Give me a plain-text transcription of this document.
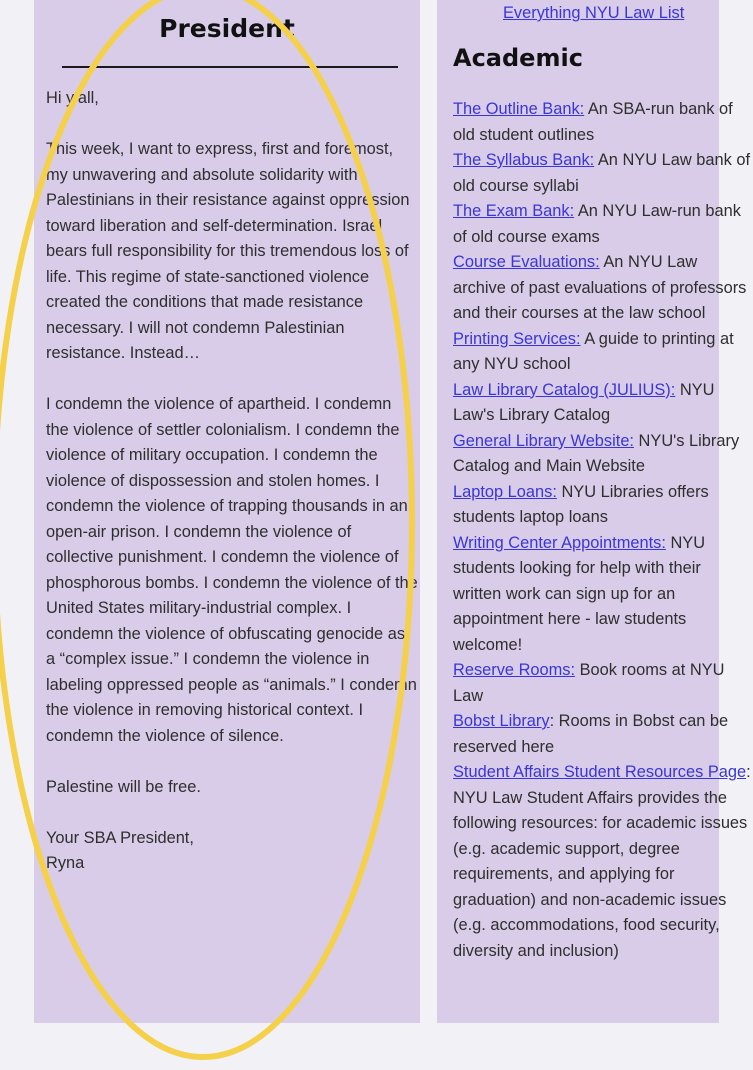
President

Hi y’all,

This week, I want to express, first and foremost, my unwavering and absolute solidarity with Palestinians in their resistance against oppression toward liberation and self-determination. Israel bears full responsibility for this tremendous loss of life. This regime of state-sanctioned violence created the conditions that made resistance necessary. I will not condemn Palestinian resistance. Instead…

I condemn the violence of apartheid. I condemn the violence of settler colonialism. I condemn the violence of military occupation. I condemn the violence of dispossession and stolen homes. I condemn the violence of trapping thousands in an open-air prison. I condemn the violence of collective punishment. I condemn the violence of phosphorous bombs. I condemn the violence of the United States military-industrial complex. I condemn the violence of obfuscating genocide as a “complex issue.” I condemn the violence in labeling oppressed people as “animals.” I condemn the violence in removing historical context. I condemn the violence of silence.

Palestine will be free.

Your SBA President,

Ryna

Everything NYU Law List
Academic
The Outline Bank: An SBA-run bank of old student outlines
The Syllabus Bank: An NYU Law bank of old course syllabi
The Exam Bank: An NYU Law-run bank of old course exams
Course Evaluations: An NYU Law archive of past evaluations of professors and their courses at the law school
Printing Services: A guide to printing at any NYU school
Law Library Catalog (JULIUS): NYU Law's Library Catalog
General Library Website: NYU's Library Catalog and Main Website
Laptop Loans: NYU Libraries offers students laptop loans
Writing Center Appointments: NYU students looking for help with their written work can sign up for an appointment here - law students welcome!
Reserve Rooms: Book rooms at NYU Law
Bobst Library: Rooms in Bobst can be reserved here
Student Affairs Student Resources Page: NYU Law Student Affairs provides the following resources: for academic issues (e.g. academic support, degree requirements, and applying for graduation) and non-academic issues (e.g. accommodations, food security, diversity and inclusion)
